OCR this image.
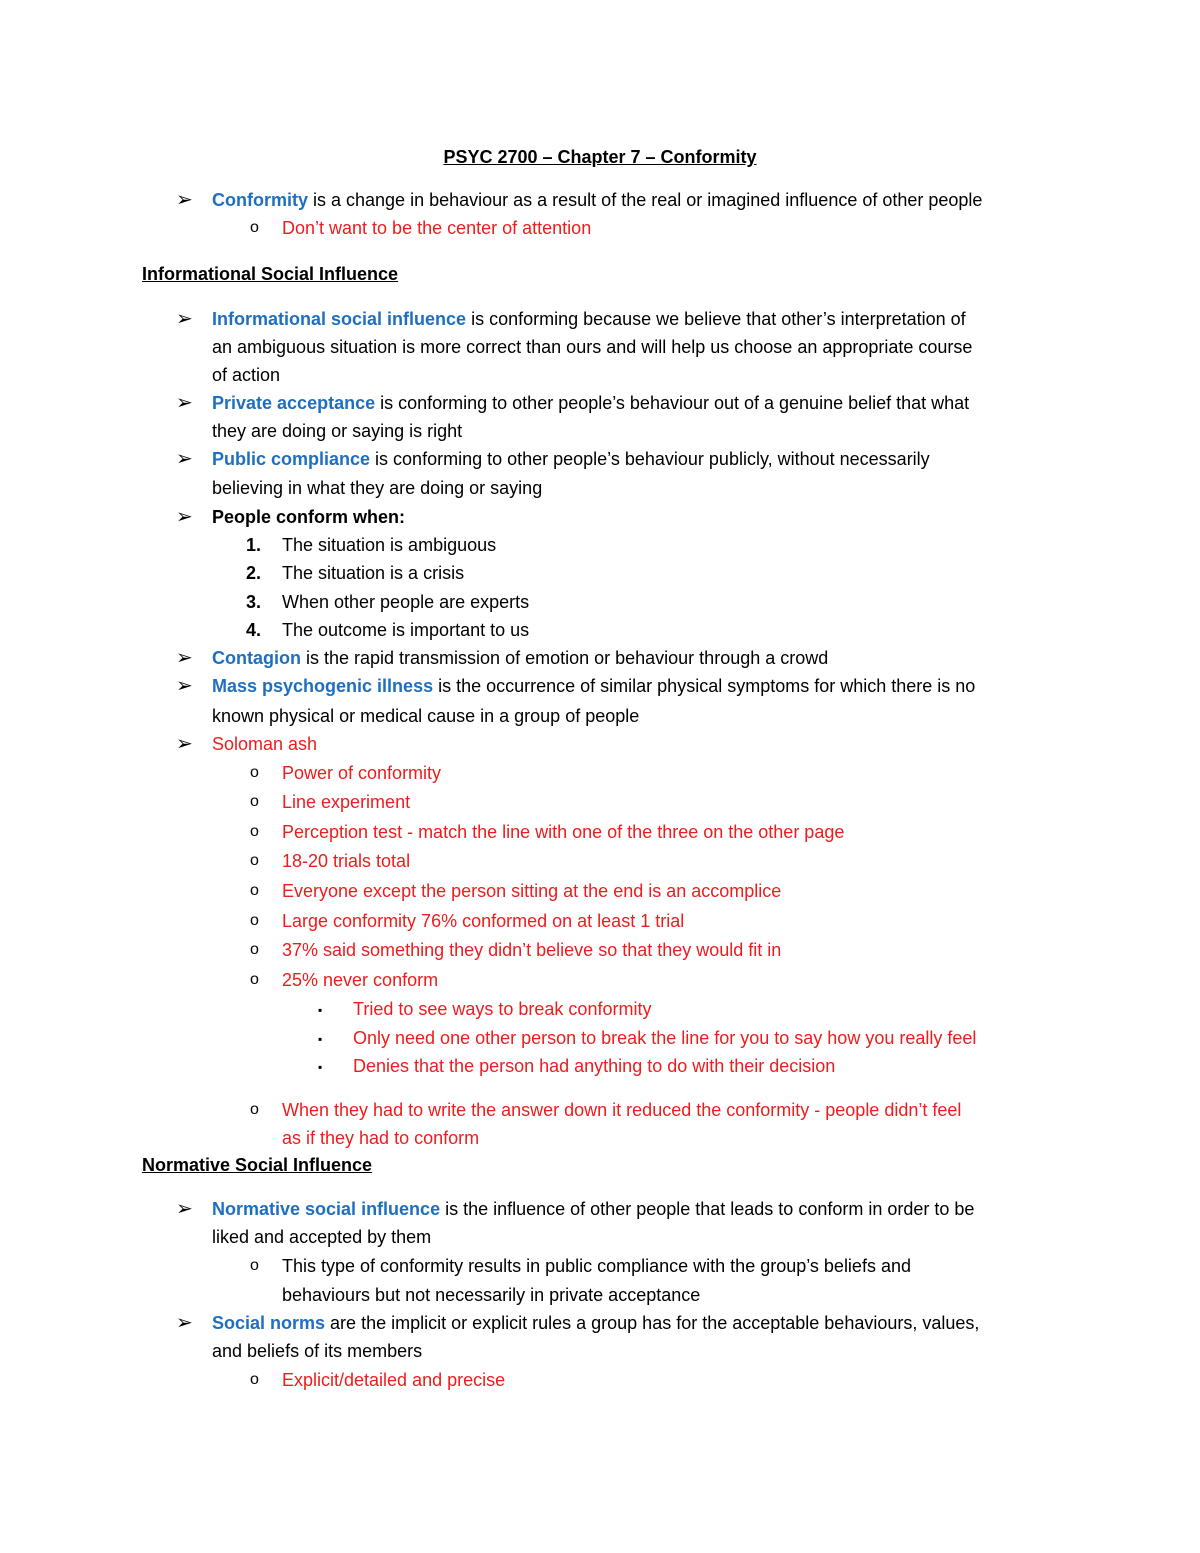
PSYC 2700 – Chapter 7 – Conformity
➢ Conformity is a change in behaviour as a result of the real or imagined influence of other people
o Don’t want to be the center of attention
Informational Social Influence
➢ Informational social influence is conforming because we believe that other’s interpretation of
an ambiguous situation is more correct than ours and will help us choose an appropriate course
of action
➢ Private acceptance is conforming to other people’s behaviour out of a genuine belief that what
they are doing or saying is right
➢ Public compliance is conforming to other people’s behaviour publicly, without necessarily
believing in what they are doing or saying
➢ People conform when:
1. The situation is ambiguous
2. The situation is a crisis
3. When other people are experts
4. The outcome is important to us
➢ Contagion is the rapid transmission of emotion or behaviour through a crowd
➢ Mass psychogenic illness is the occurrence of similar physical symptoms for which there is no
known physical or medical cause in a group of people
➢ Soloman ash
o Power of conformity
o Line experiment
o Perception test - match the line with one of the three on the other page
o 18-20 trials total
o Everyone except the person sitting at the end is an accomplice
o Large conformity 76% conformed on at least 1 trial
o 37% said something they didn’t believe so that they would fit in
o 25% never conform
▪ Tried to see ways to break conformity
▪ Only need one other person to break the line for you to say how you really feel
▪ Denies that the person had anything to do with their decision
o When they had to write the answer down it reduced the conformity - people didn’t feel
as if they had to conform
Normative Social Influence
➢ Normative social influence is the influence of other people that leads to conform in order to be
liked and accepted by them
o This type of conformity results in public compliance with the group’s beliefs and
behaviours but not necessarily in private acceptance
➢ Social norms are the implicit or explicit rules a group has for the acceptable behaviours, values,
and beliefs of its members
o Explicit/detailed and precise
